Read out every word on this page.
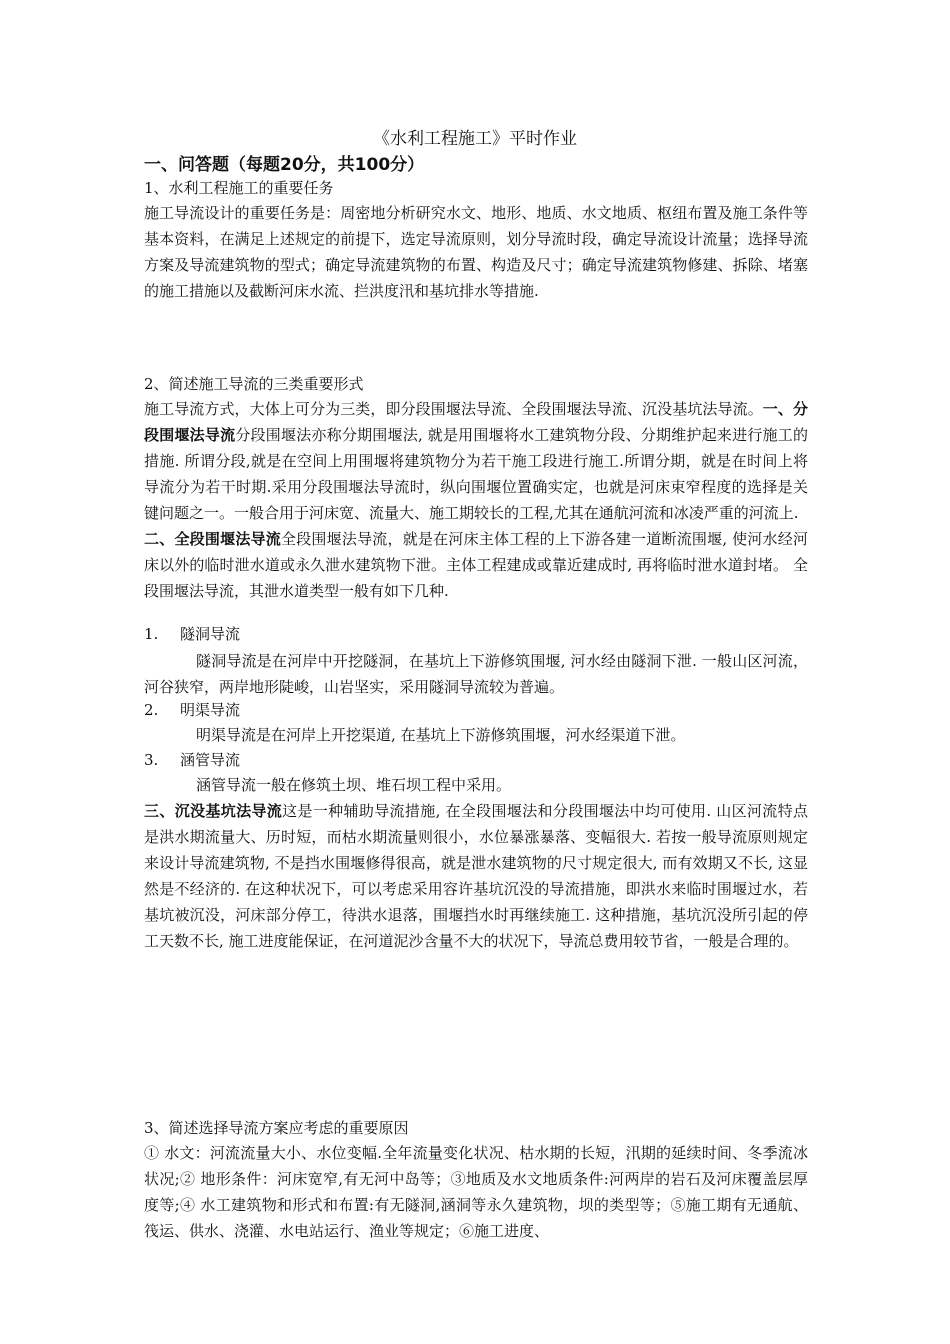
《水利工程施工》平时作业
一、问答题（每题20分，共100分）
1、水利工程施工的重要任务
施工导流设计的重要任务是：周密地分析研究水文、地形、地质、水文地质、枢纽布置及施工条件等基本资料，在满足上述规定的前提下，选定导流原则，划分导流时段，确定导流设计流量；选择导流方案及导流建筑物的型式；确定导流建筑物的布置、构造及尺寸；确定导流建筑物修建、拆除、堵塞的施工措施以及截断河床水流、拦洪度汛和基坑排水等措施.
2、简述施工导流的三类重要形式
施工导流方式，大体上可分为三类，即分段围堰法导流、全段围堰法导流、沉没基坑法导流。一、分段围堰法导流分段围堰法亦称分期围堰法, 就是用围堰将水工建筑物分段、分期维护起来进行施工的措施. 所谓分段,就是在空间上用围堰将建筑物分为若干施工段进行施工.所谓分期，就是在时间上将导流分为若干时期.采用分段围堰法导流时，纵向围堰位置确实定，也就是河床束窄程度的选择是关键问题之一。一般合用于河床宽、流量大、施工期较长的工程,尤其在通航河流和冰凌严重的河流上.
二、全段围堰法导流全段围堰法导流，就是在河床主体工程的上下游各建一道断流围堰, 使河水经河床以外的临时泄水道或永久泄水建筑物下泄。主体工程建成或靠近建成时, 再将临时泄水道封堵。 全段围堰法导流，其泄水道类型一般有如下几种.
1. 隧洞导流
隧洞导流是在河岸中开挖隧洞，在基坑上下游修筑围堰, 河水经由隧洞下泄. 一般山区河流，河谷狭窄，两岸地形陡峻，山岩坚实，采用隧洞导流较为普遍。
2. 明渠导流
明渠导流是在河岸上开挖渠道, 在基坑上下游修筑围堰，河水经渠道下泄。
3. 涵管导流
涵管导流一般在修筑土坝、堆石坝工程中采用。
三、沉没基坑法导流这是一种辅助导流措施, 在全段围堰法和分段围堰法中均可使用. 山区河流特点是洪水期流量大、历时短，而枯水期流量则很小，水位暴涨暴落、变幅很大. 若按一般导流原则规定来设计导流建筑物, 不是挡水围堰修得很高，就是泄水建筑物的尺寸规定很大, 而有效期又不长, 这显然是不经济的. 在这种状况下，可以考虑采用容许基坑沉没的导流措施，即洪水来临时围堰过水，若基坑被沉没，河床部分停工，待洪水退落，围堰挡水时再继续施工. 这种措施，基坑沉没所引起的停工天数不长, 施工进度能保证，在河道泥沙含量不大的状况下，导流总费用较节省，一般是合理的。
3、简述选择导流方案应考虑的重要原因
① 水文：河流流量大小、水位变幅.全年流量变化状况、枯水期的长短，汛期的延续时间、冬季流冰状况;② 地形条件：河床宽窄,有无河中岛等；③地质及水文地质条件:河两岸的岩石及河床覆盖层厚度等;④ 水工建筑物和形式和布置:有无隧洞,涵洞等永久建筑物，坝的类型等；⑤施工期有无通航、筏运、供水、浇灌、水电站运行、渔业等规定；⑥施工进度、
